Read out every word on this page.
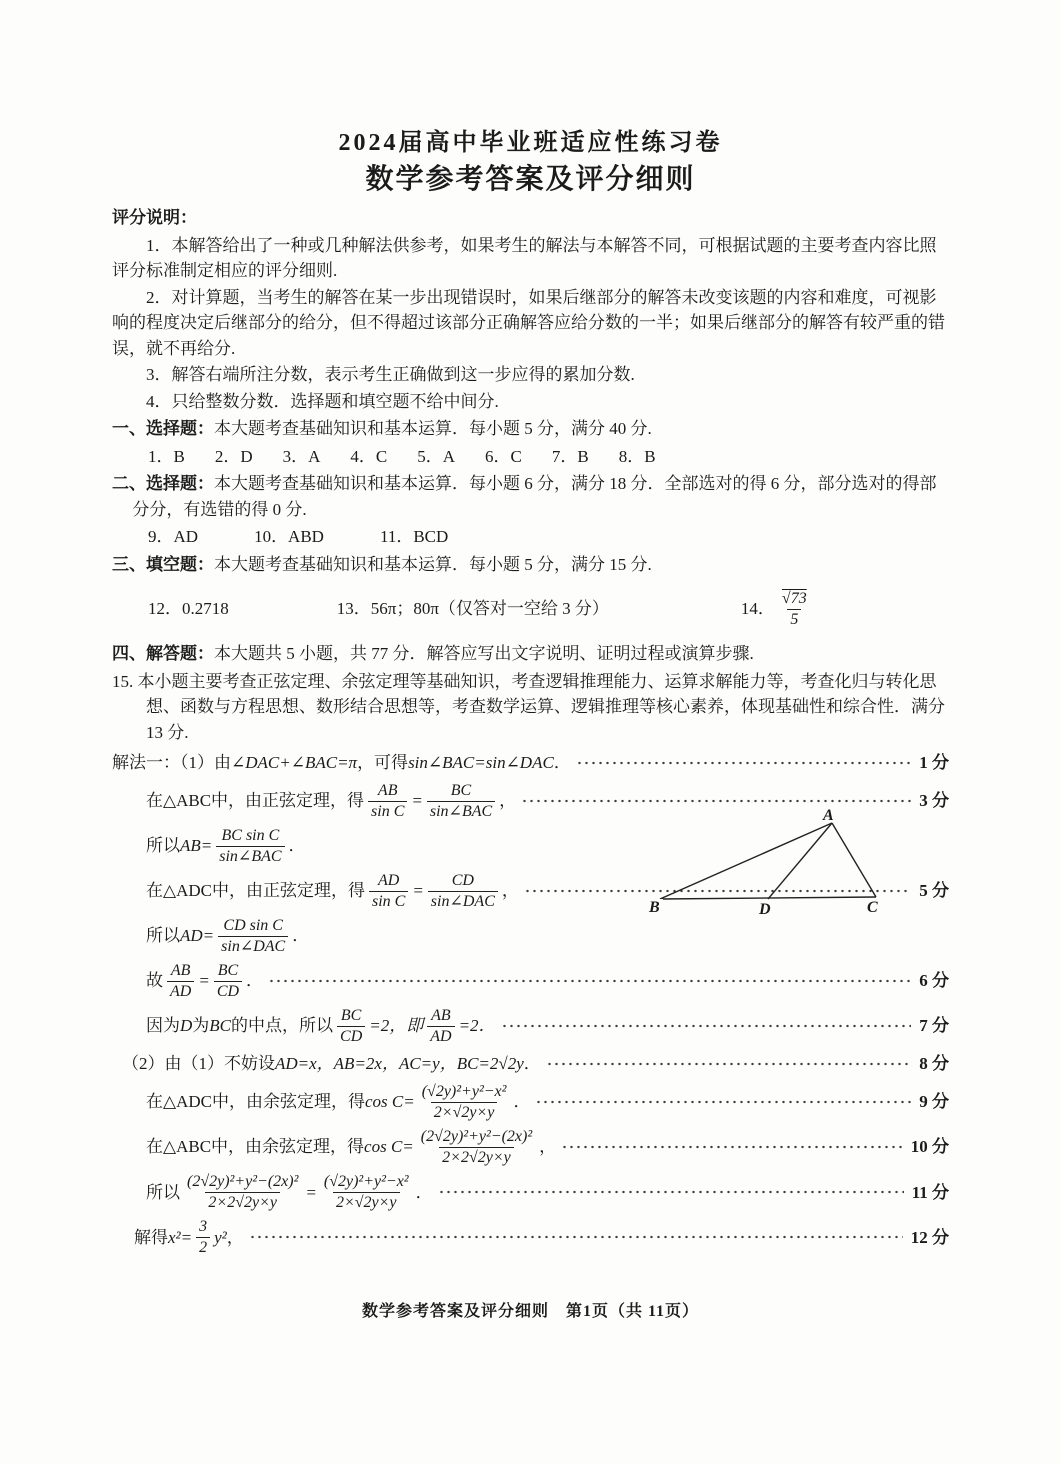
2024届高中毕业班适应性练习卷
数学参考答案及评分细则
评分说明：
1．本解答给出了一种或几种解法供参考，如果考生的解法与本解答不同，可根据试题的主要考查内容比照评分标准制定相应的评分细则.
2．对计算题，当考生的解答在某一步出现错误时，如果后继部分的解答未改变该题的内容和难度，可视影响的程度决定后继部分的给分，但不得超过该部分正确解答应给分数的一半；如果后继部分的解答有较严重的错误，就不再给分.
3．解答右端所注分数，表示考生正确做到这一步应得的累加分数.
4．只给整数分数．选择题和填空题不给中间分.
一、选择题：本大题考查基础知识和基本运算．每小题 5 分，满分 40 分.
1．B 2．D 3．A 4．C 5．A 6．C 7．B 8．B
二、选择题：本大题考查基础知识和基本运算．每小题 6 分，满分 18 分．全部选对的得 6 分，部分选对的得部分分，有选错的得 0 分.
9．AD	10．ABD	11．BCD
三、填空题：本大题考查基础知识和基本运算．每小题 5 分，满分 15 分.
12．0.2718	13．56π；80π（仅答对一空给 3 分）	14． $\frac{√73}{5}$
四、解答题：本大题共 5 小题，共 77 分．解答应写出文字说明、证明过程或演算步骤.
15. 本小题主要考查正弦定理、余弦定理等基础知识，考查逻辑推理能力、运算求解能力等，考查化归与转化思想、函数与方程思想、数形结合思想等，考查数学运算、逻辑推理等核心素养，体现基础性和综合性．满分 13 分.
A
B	D	C
解法一：（1）由 ∠DAC+∠BAC=π ，可得 sin∠BAC=sin∠DAC ．	1 分
在△ABC中，由正弦定理，得 $\frac{AB}{\text{sin C}} = \frac{BC}{\text{sin∠BAC}}$ ，	3 分
所以 $AB= \frac{\text{BC sin C}}{\text{sin∠BAC}}$ ．
在△ADC中，由正弦定理，得 $\frac{AD}{\text{sin C}} = \frac{CD}{\text{sin∠DAC}}$ ，	5 分
所以 $AD= \frac{\text{CD sin C}}{\text{sin∠DAC}}$ ．
故 $\frac{AB}{AD} = \frac{BC}{CD}$ ．	6 分
因为 D 为 BC 的中点，所以 $\frac{BC}{CD} =2$，即 $\frac{AB}{AD} =2$．	7 分
（2）由（1）不妨设 AD=x，AB=2x，AC=y，BC=2√2y ．	8 分
在△ADC中，由余弦定理，得 $\cos C= \frac{\text{(√2y)²+y²−x²}}{2\times√2y\times y}$ ．	9 分
在△ABC中，由余弦定理，得 $\cos C= \frac{\text{(2√2y)²+y²−(2x)²}}{2\times 2√2y\times y}$ ，	10 分
所以 $\frac{\text{(2√2y)²+y²−(2x)²}}{2\times 2√2y\times y} = \frac{\text{(√2y)²+y²−x²}}{2\times√2y\times y}$ ．	11 分
解得 $x^2= \frac{3}{2} y^2$ ，	12 分
数学参考答案及评分细则　第1页（共 11页）
